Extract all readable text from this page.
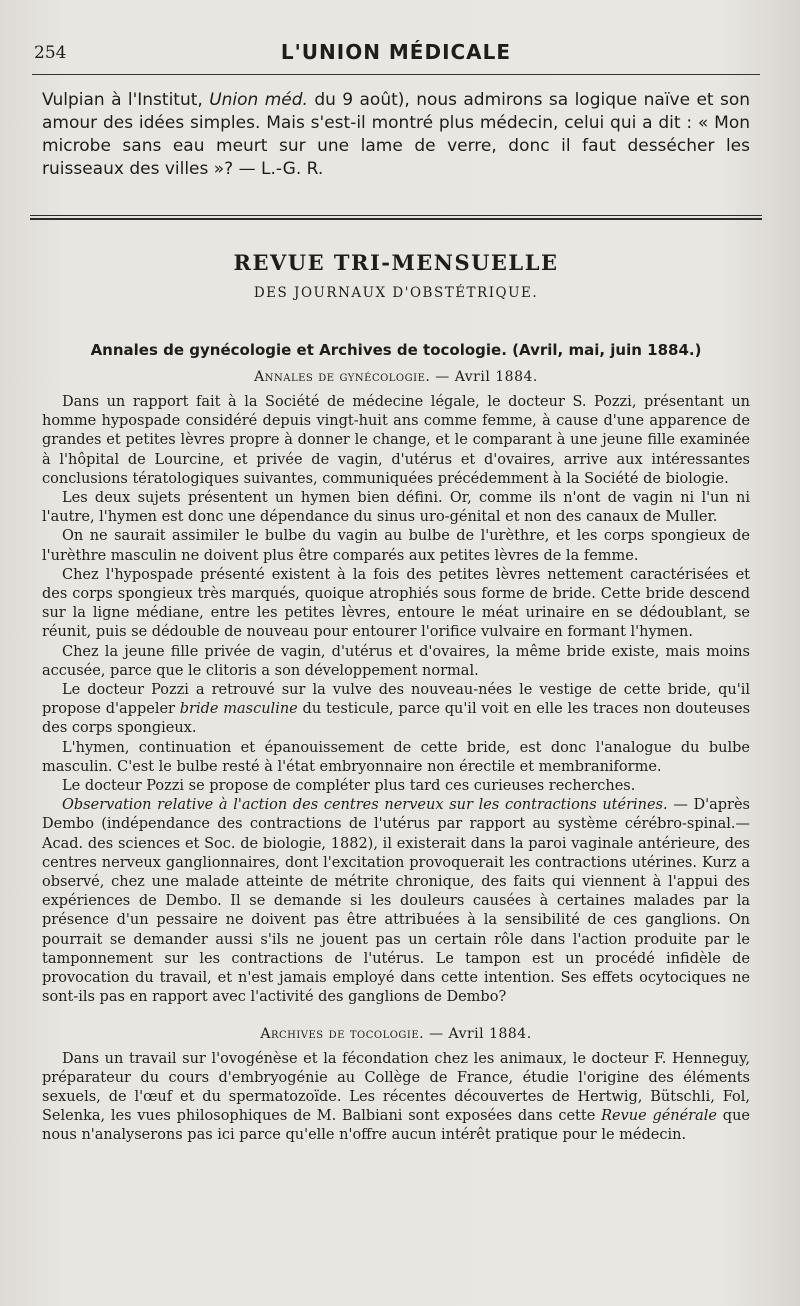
254	L'UNION MÉDICALE
Vulpian à l'Institut, Union méd. du 9 août), nous admirons sa logique naïve et son amour des idées simples. Mais s'est-il montré plus médecin, celui qui a dit : « Mon microbe sans eau meurt sur une lame de verre, donc il faut dessécher les ruisseaux des villes »? — L.-G. R.
REVUE TRI-MENSUELLE
DES JOURNAUX D'OBSTÉTRIQUE.
Annales de gynécologie et Archives de tocologie. (Avril, mai, juin 1884.)
Annales de gynécologie. — Avril 1884.

Dans un rapport fait à la Société de médecine légale, le docteur S. Pozzi, présentant un homme hypospade considéré depuis vingt-huit ans comme femme, à cause d'une apparence de grandes et petites lèvres propre à donner le change, et le comparant à une jeune fille examinée à l'hôpital de Lourcine, et privée de vagin, d'utérus et d'ovaires, arrive aux intéressantes conclusions tératologiques suivantes, communiquées précédemment à la Société de biologie.

Les deux sujets présentent un hymen bien défini. Or, comme ils n'ont de vagin ni l'un ni l'autre, l'hymen est donc une dépendance du sinus uro-génital et non des canaux de Muller.

On ne saurait assimiler le bulbe du vagin au bulbe de l'urèthre, et les corps spongieux de l'urèthre masculin ne doivent plus être comparés aux petites lèvres de la femme.

Chez l'hypospade présenté existent à la fois des petites lèvres nettement caractérisées et des corps spongieux très marqués, quoique atrophiés sous forme de bride. Cette bride descend sur la ligne médiane, entre les petites lèvres, entoure le méat urinaire en se dédoublant, se réunit, puis se dédouble de nouveau pour entourer l'orifice vulvaire en formant l'hymen.

Chez la jeune fille privée de vagin, d'utérus et d'ovaires, la même bride existe, mais moins accusée, parce que le clitoris a son développement normal.

Le docteur Pozzi a retrouvé sur la vulve des nouveau-nées le vestige de cette bride, qu'il propose d'appeler bride masculine du testicule, parce qu'il voit en elle les traces non douteuses des corps spongieux.

L'hymen, continuation et épanouissement de cette bride, est donc l'analogue du bulbe masculin. C'est le bulbe resté à l'état embryonnaire non érectile et membraniforme.

Le docteur Pozzi se propose de compléter plus tard ces curieuses recherches.

Observation relative à l'action des centres nerveux sur les contractions utérines. — D'après Dembo (indépendance des contractions de l'utérus par rapport au système cérébro-spinal.—Acad. des sciences et Soc. de biologie, 1882), il existerait dans la paroi vaginale antérieure, des centres nerveux ganglionnaires, dont l'excitation provoquerait les contractions utérines. Kurz a observé, chez une malade atteinte de métrite chronique, des faits qui viennent à l'appui des expériences de Dembo. Il se demande si les douleurs causées à certaines malades par la présence d'un pessaire ne doivent pas être attribuées à la sensibilité de ces ganglions. On pourrait se demander aussi s'ils ne jouent pas un certain rôle dans l'action produite par le tamponnement sur les contractions de l'utérus. Le tampon est un procédé infidèle de provocation du travail, et n'est jamais employé dans cette intention. Ses effets ocytociques ne sont-ils pas en rapport avec l'activité des ganglions de Dembo?

Archives de tocologie. — Avril 1884.

Dans un travail sur l'ovogénèse et la fécondation chez les animaux, le docteur F. Henneguy, préparateur du cours d'embryogénie au Collège de France, étudie l'origine des éléments sexuels, de l'œuf et du spermatozoïde. Les récentes découvertes de Hertwig, Bütschli, Fol, Selenka, les vues philosophiques de M. Balbiani sont exposées dans cette Revue générale que nous n'analyserons pas ici parce qu'elle n'offre aucun intérêt pratique pour le médecin.
